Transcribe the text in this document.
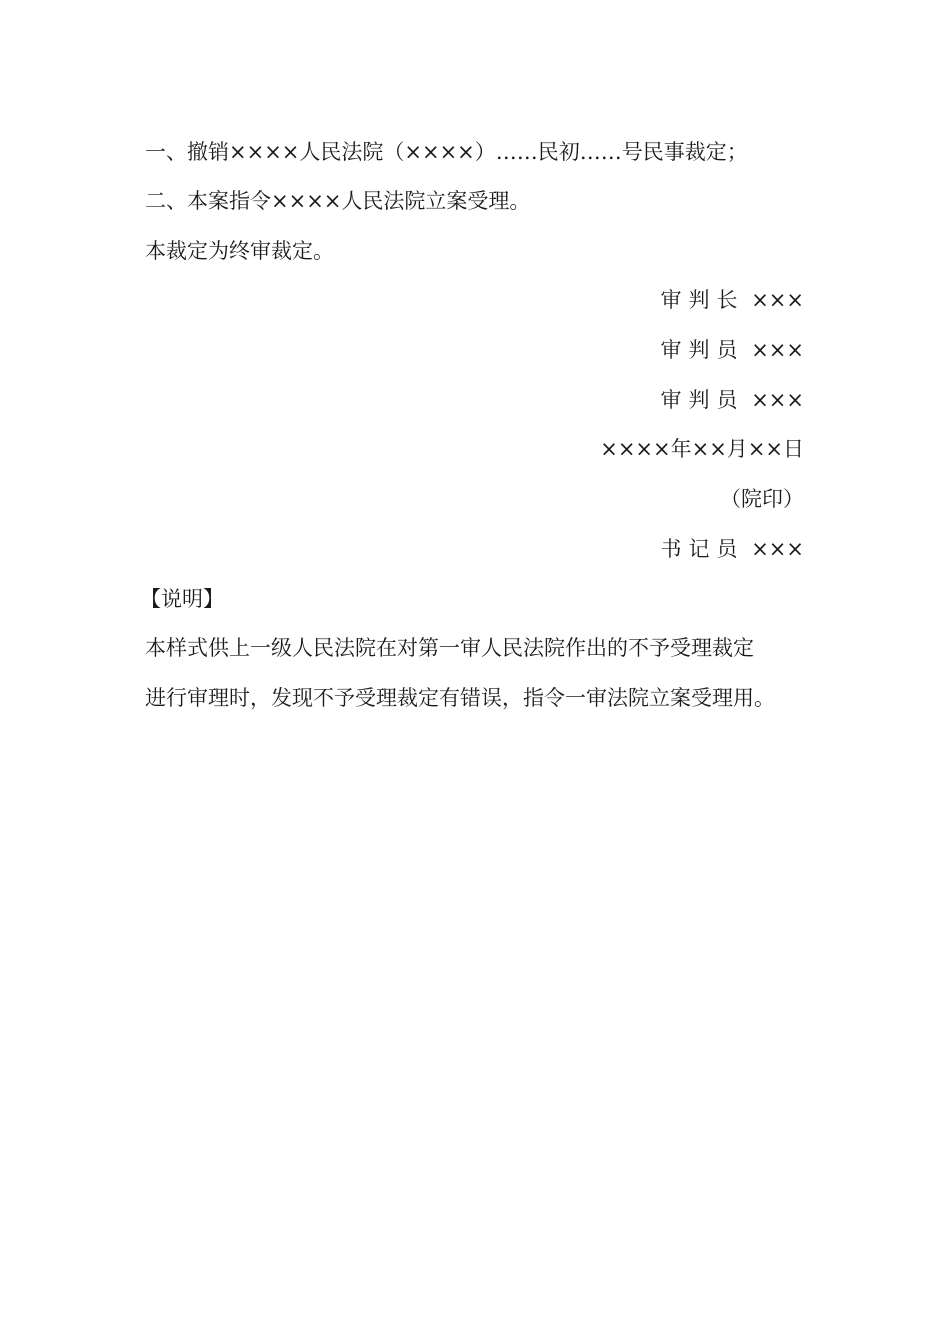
一、撤销××××人民法院（××××）……民初……号民事裁定；
二、本案指令××××人民法院立案受理。
本裁定为终审裁定。
审判长 ×××
审判员 ×××
审判员 ×××
××××年××月××日
（院印）
书记员 ×××
【说明】
本样式供上一级人民法院在对第一审人民法院作出的不予受理裁定
进行审理时，发现不予受理裁定有错误，指令一审法院立案受理用。
